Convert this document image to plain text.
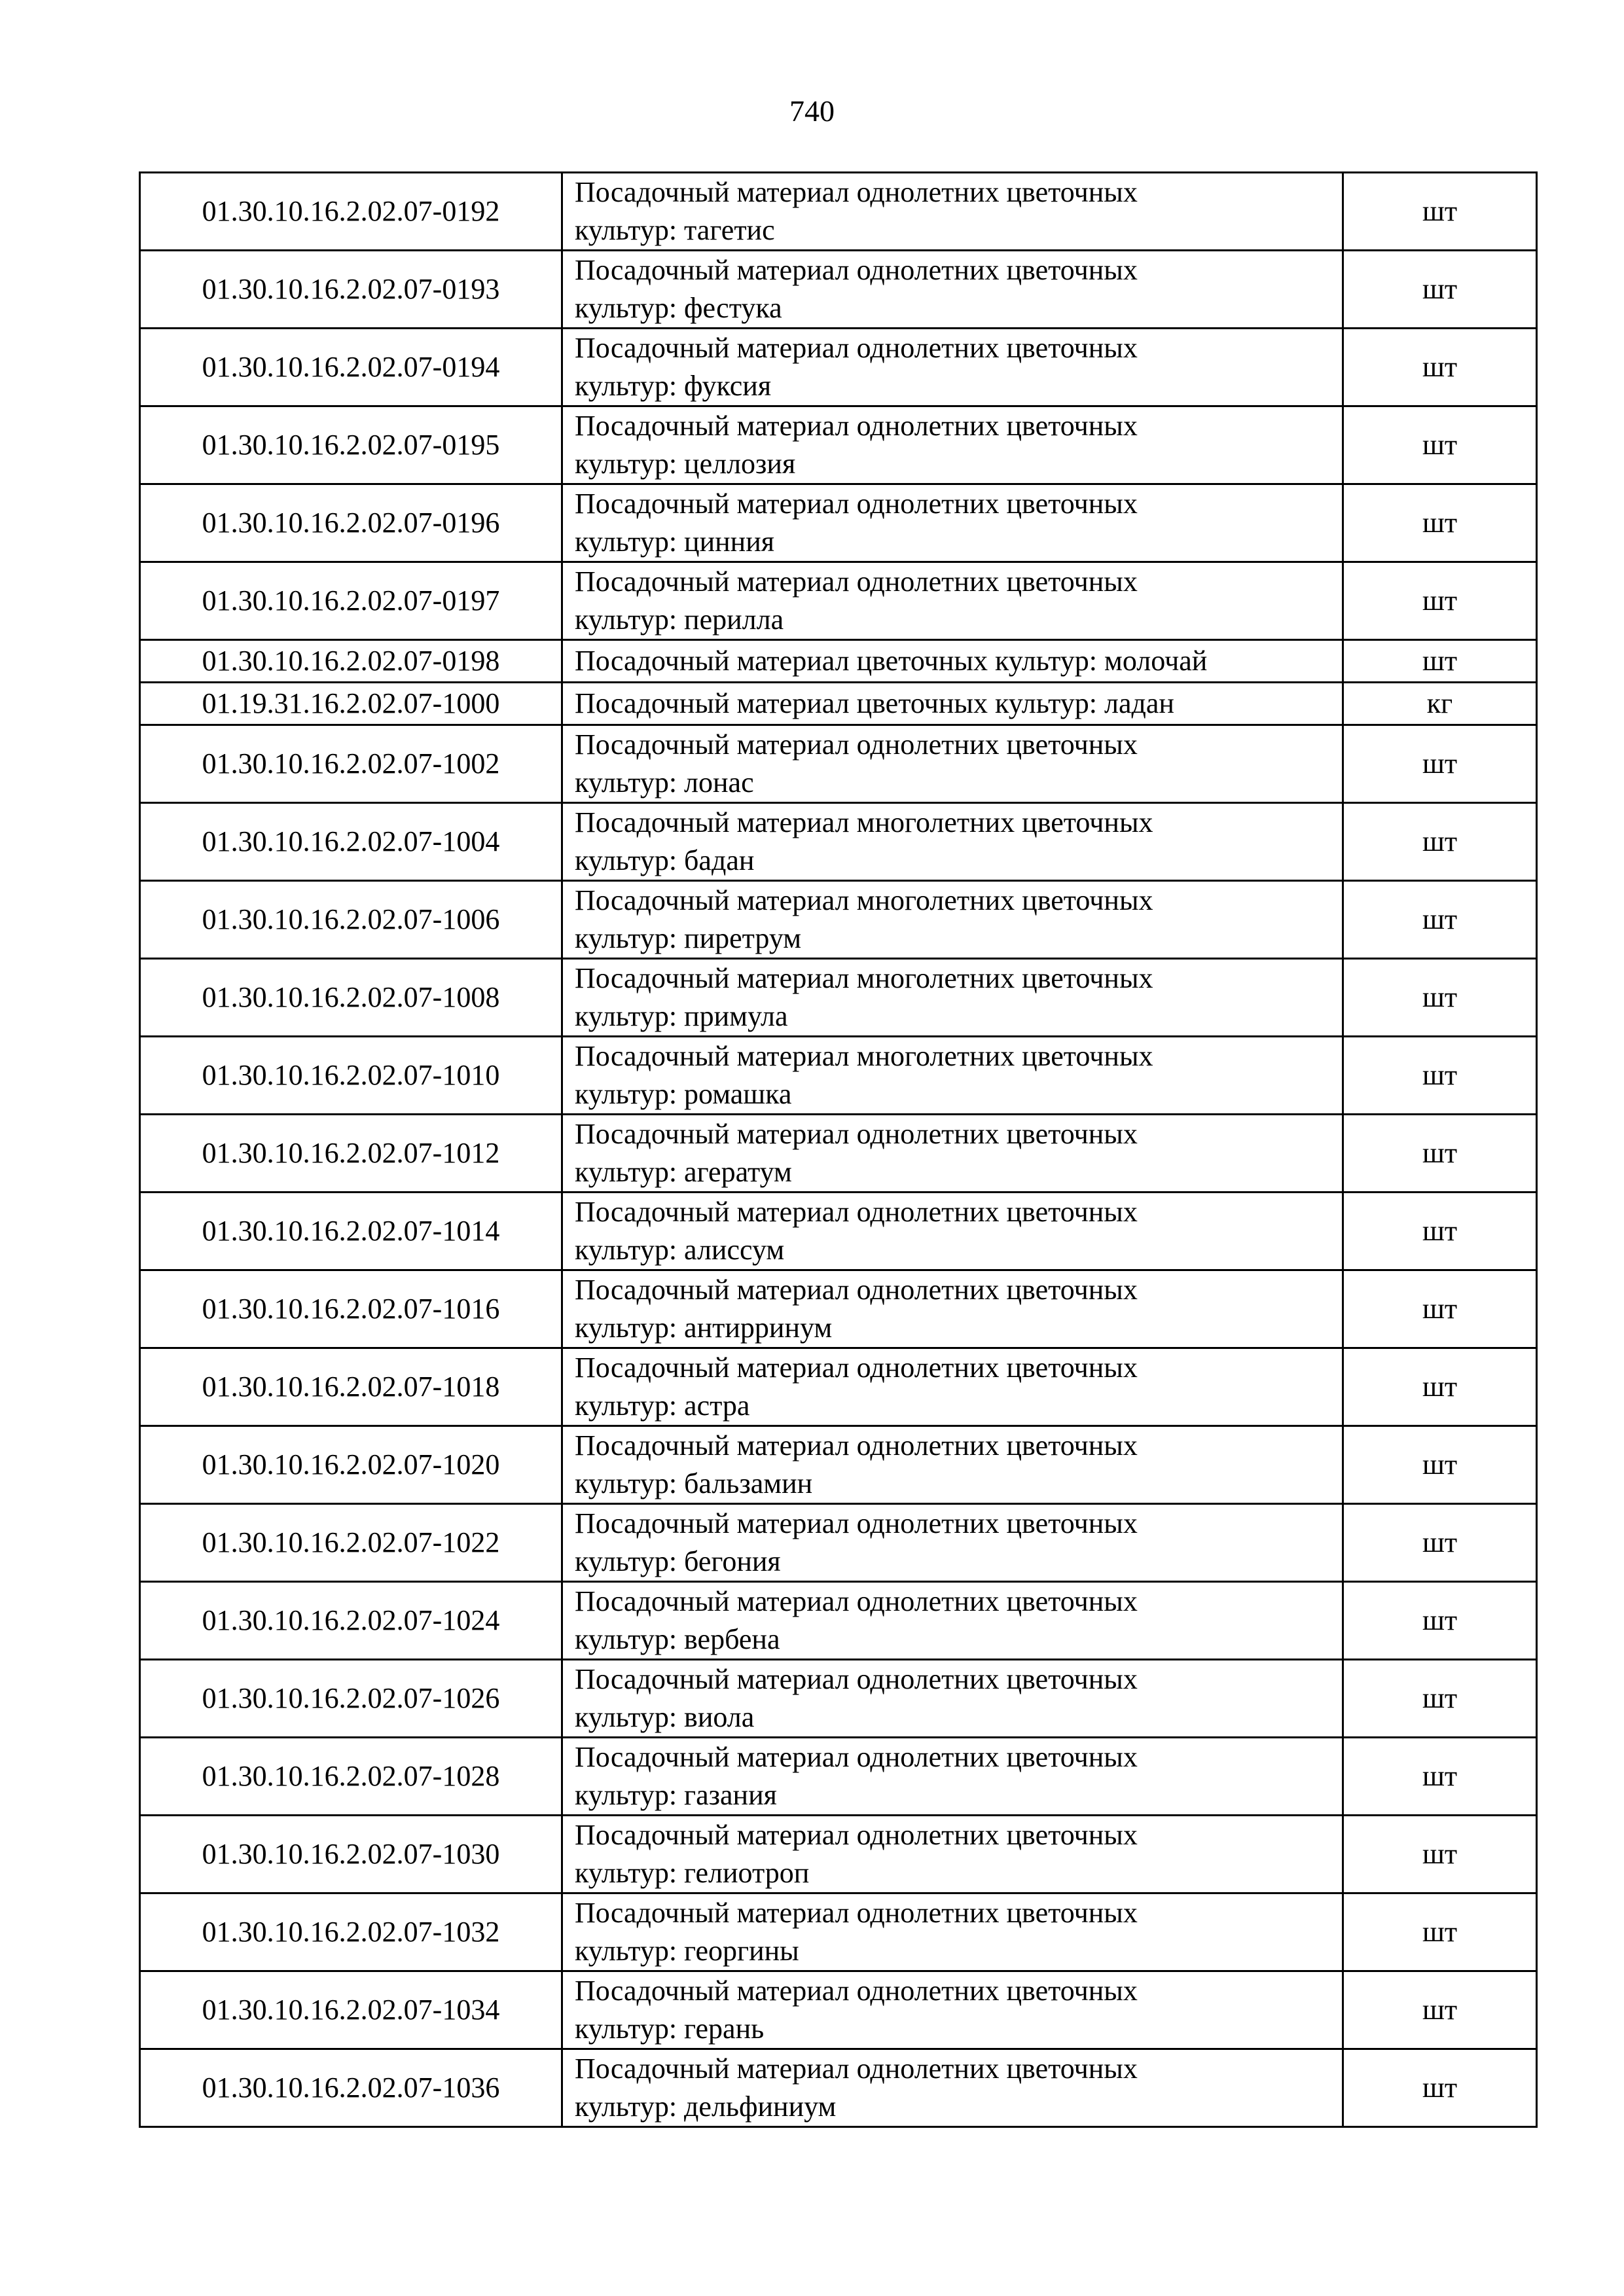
740
01.30.10.16.2.02.07-0192	Посадочный материал однолетних цветочных
культур: тагетис	шт
01.30.10.16.2.02.07-0193	Посадочный материал однолетних цветочных
культур: фестука	шт
01.30.10.16.2.02.07-0194	Посадочный материал однолетних цветочных
культур: фуксия	шт
01.30.10.16.2.02.07-0195	Посадочный материал однолетних цветочных
культур: целлозия	шт
01.30.10.16.2.02.07-0196	Посадочный материал однолетних цветочных
культур: цинния	шт
01.30.10.16.2.02.07-0197	Посадочный материал однолетних цветочных
культур: перилла	шт
01.30.10.16.2.02.07-0198	Посадочный материал цветочных культур: молочай	шт
01.19.31.16.2.02.07-1000	Посадочный материал цветочных культур: ладан	кг
01.30.10.16.2.02.07-1002	Посадочный материал однолетних цветочных
культур: лонас	шт
01.30.10.16.2.02.07-1004	Посадочный материал многолетних цветочных
культур: бадан	шт
01.30.10.16.2.02.07-1006	Посадочный материал многолетних цветочных
культур: пиретрум	шт
01.30.10.16.2.02.07-1008	Посадочный материал многолетних цветочных
культур: примула	шт
01.30.10.16.2.02.07-1010	Посадочный материал многолетних цветочных
культур: ромашка	шт
01.30.10.16.2.02.07-1012	Посадочный материал однолетних цветочных
культур: агератум	шт
01.30.10.16.2.02.07-1014	Посадочный материал однолетних цветочных
культур: алиссум	шт
01.30.10.16.2.02.07-1016	Посадочный материал однолетних цветочных
культур: антирринум	шт
01.30.10.16.2.02.07-1018	Посадочный материал однолетних цветочных
культур: астра	шт
01.30.10.16.2.02.07-1020	Посадочный материал однолетних цветочных
культур: бальзамин	шт
01.30.10.16.2.02.07-1022	Посадочный материал однолетних цветочных
культур: бегония	шт
01.30.10.16.2.02.07-1024	Посадочный материал однолетних цветочных
культур: вербена	шт
01.30.10.16.2.02.07-1026	Посадочный материал однолетних цветочных
культур: виола	шт
01.30.10.16.2.02.07-1028	Посадочный материал однолетних цветочных
культур: газания	шт
01.30.10.16.2.02.07-1030	Посадочный материал однолетних цветочных
культур: гелиотроп	шт
01.30.10.16.2.02.07-1032	Посадочный материал однолетних цветочных
культур: георгины	шт
01.30.10.16.2.02.07-1034	Посадочный материал однолетних цветочных
культур: герань	шт
01.30.10.16.2.02.07-1036	Посадочный материал однолетних цветочных
культур: дельфиниум	шт
